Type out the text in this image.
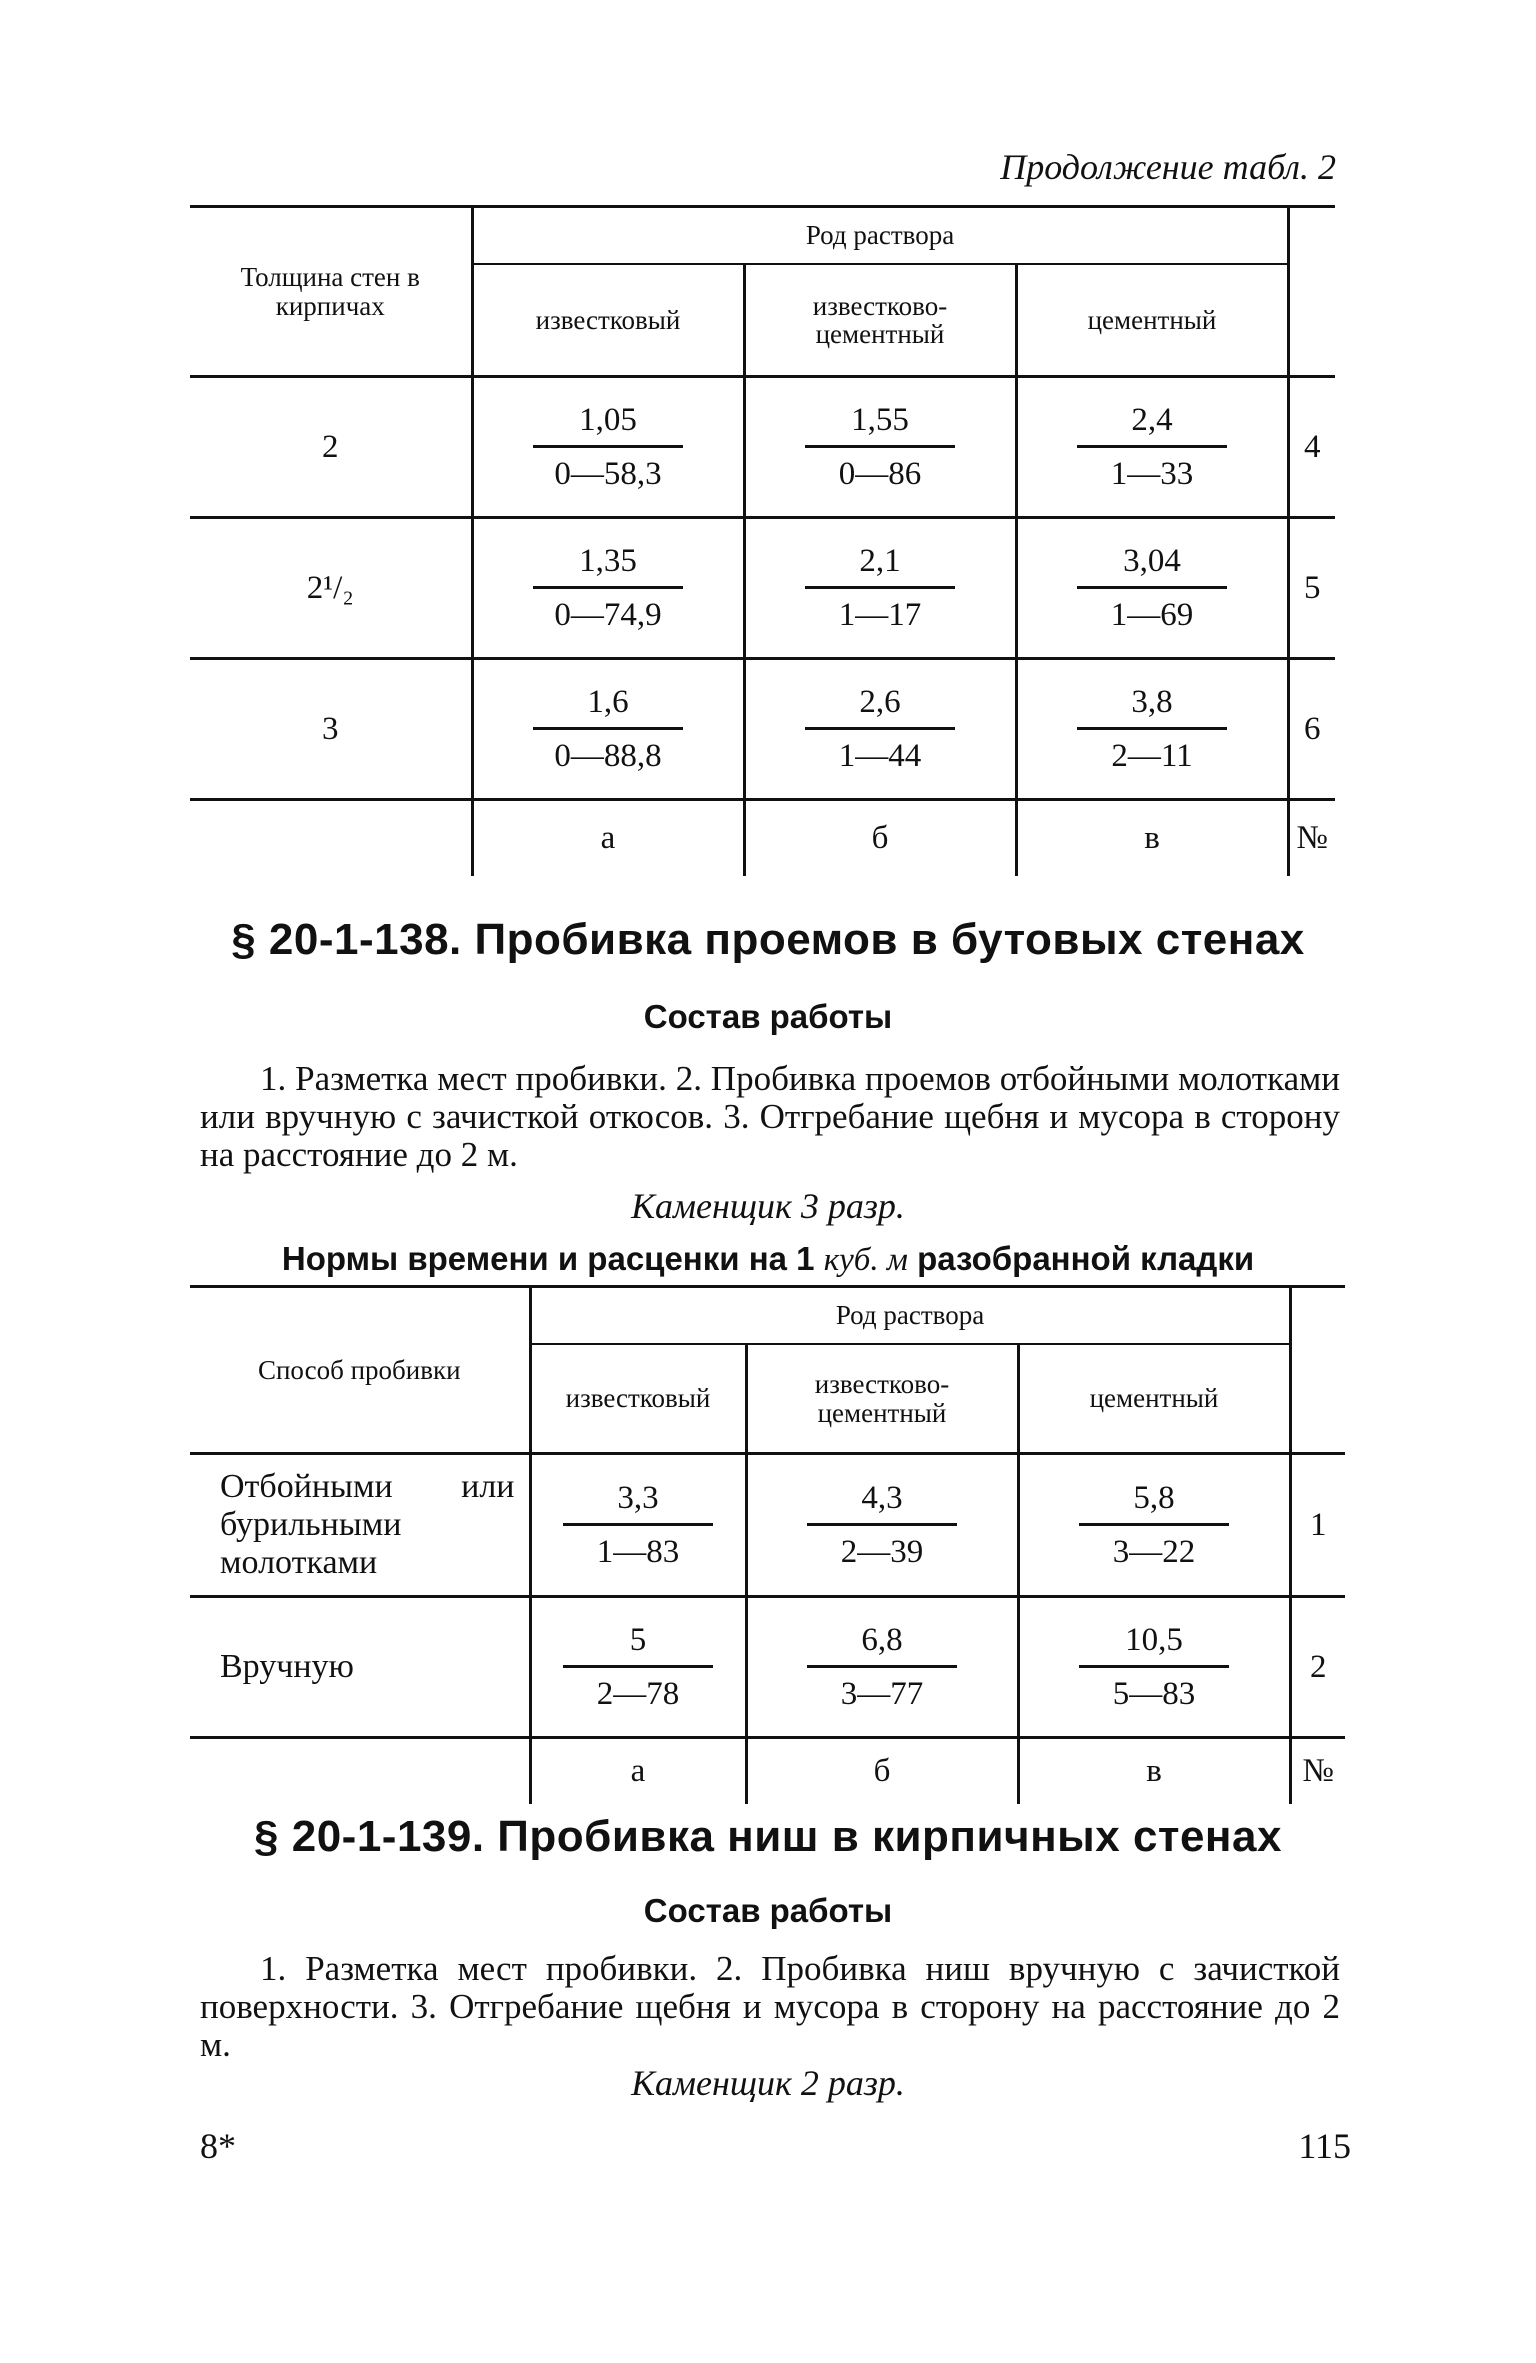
Продолжение табл. 2
Толщина стен в кирпичах	Род раствора			
	известковый	известково-цементный	цементный	
2	$\frac{1,05}{0—58,3}$	$\frac{1,55}{0—86}$	$\frac{2,4}{1—33}$	4
2¹/₂	$\frac{1,35}{0—74,9}$	$\frac{2,1}{1—17}$	$\frac{3,04}{1—69}$	5
3	$\frac{1,6}{0—88,8}$	$\frac{2,6}{1—44}$	$\frac{3,8}{2—11}$	6
	а	б	в	№
§ 20-1-138. Пробивка проемов в бутовых стенах
Состав работы
1. Разметка мест пробивки. 2. Пробивка проемов отбойными молотками или вручную с зачисткой откосов. 3. Отгребание щебня и мусора в сторону на расстояние до 2 м.
Каменщик 3 разр.
Нормы времени и расценки на 1 куб. м разобранной кладки
Способ пробивки	Род раствора			
	известковый	известково-цементный	цементный	
Отбойными или бурильными молотками	$\frac{3,3}{1—83}$	$\frac{4,3}{2—39}$	$\frac{5,8}{3—22}$	1
Вручную	$\frac{5}{2—78}$	$\frac{6,8}{3—77}$	$\frac{10,5}{5—83}$	2
	а	б	в	№
§ 20-1-139. Пробивка ниш в кирпичных стенах
Состав работы
1. Разметка мест пробивки. 2. Пробивка ниш вручную с зачисткой поверхности. 3. Отгребание щебня и мусора в сторону на расстояние до 2 м.
Каменщик 2 разр.
8*	115
